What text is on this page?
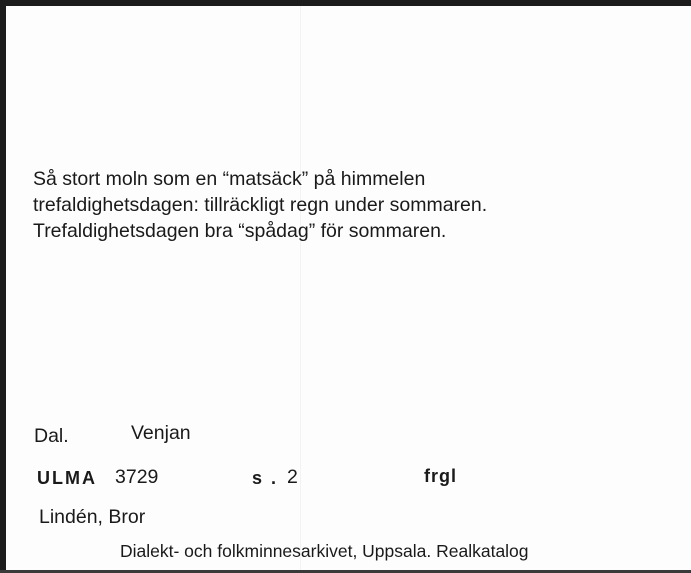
Så stort moln som en “matsäck” på himmelen
trefaldighetsdagen: tillräckligt regn under sommaren.
Trefaldighetsdagen bra “spådag” för sommaren.
Dal.	Venjan
ULMA 3729	s . 2	frgl
Lindén, Bror
Dialekt- och folkminnesarkivet, Uppsala. Realkatalog
